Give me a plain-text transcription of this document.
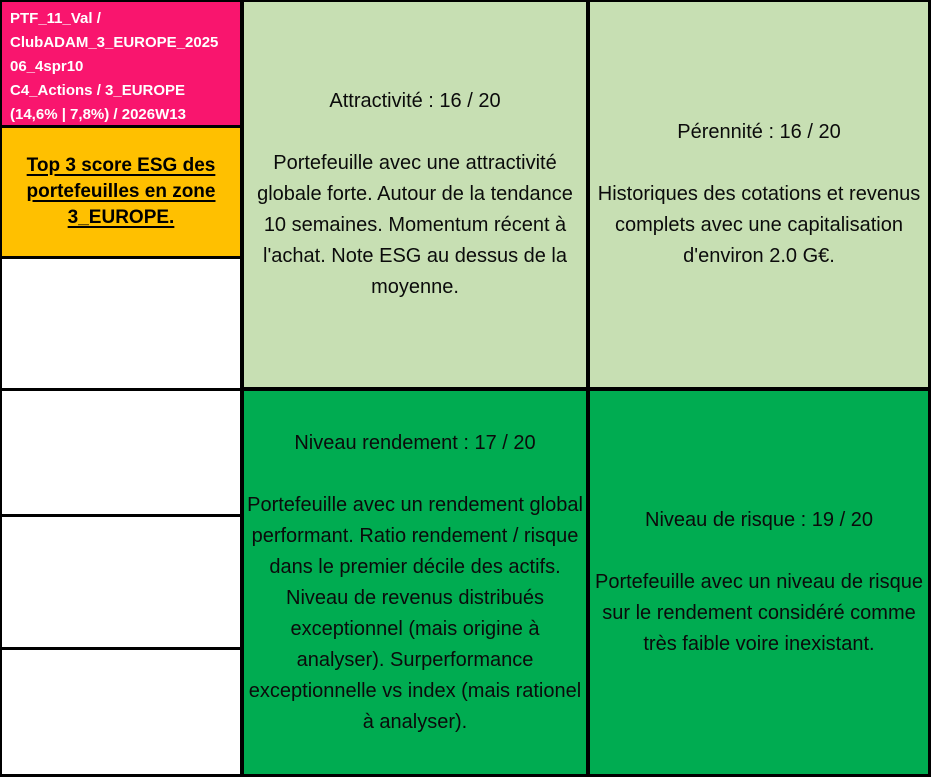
PTF_11_Val /
ClubADAM_3_EUROPE_2025
06_4spr10
C4_Actions / 3_EUROPE
(14,6% | 7,8%) / 2026W13
Top 3 score ESG des portefeuilles en zone 3_EUROPE.
Attractivité : 16 / 20
Portefeuille avec une attractivité globale forte. Autour de la tendance 10 semaines. Momentum récent à l'achat. Note ESG au dessus de la moyenne.
Pérennité : 16 / 20
Historiques des cotations et revenus complets avec une capitalisation d'environ 2.0 G€.
Niveau rendement : 17 / 20
Portefeuille avec un rendement global performant. Ratio rendement / risque dans le premier décile des actifs. Niveau de revenus distribués exceptionnel (mais origine à analyser). Surperformance exceptionnelle vs index (mais rationel à analyser).
Niveau de risque : 19 / 20
Portefeuille avec un niveau de risque sur le rendement considéré comme très faible voire inexistant.
